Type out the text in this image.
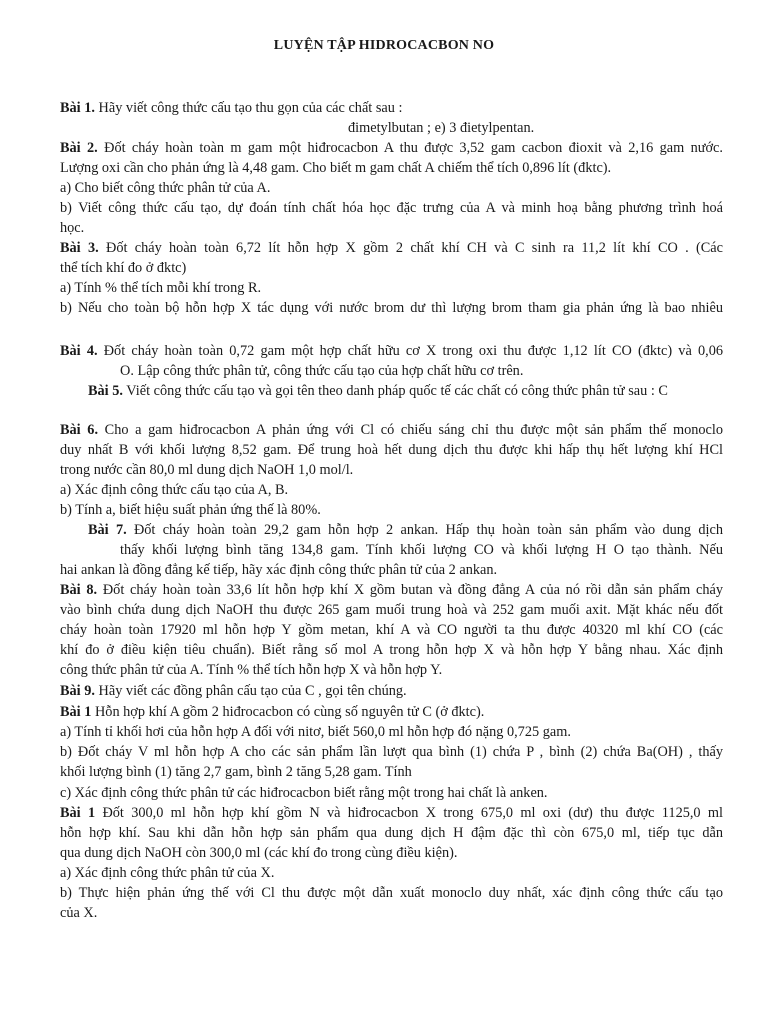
LUYỆN TẬP HIDROCACBON NO
Bài 1. Hãy viết công thức cấu tạo thu gọn của các chất sau :
đimetylbutan ; e) 3 đietylpentan.
Bài 2. Đốt cháy hoàn toàn m gam một hiđrocacbon A thu được 3,52 gam cacbon đioxit và 2,16 gam nước.
Lượng oxi cần cho phản ứng là 4,48 gam. Cho biết m gam chất A chiếm thể tích 0,896 lít (đktc).
a) Cho biết công thức phân tử của A.
b) Viết công thức cấu tạo, dự đoán tính chất hóa học đặc trưng của A và minh hoạ bằng phương trình hoá
học.
Bài 3. Đốt cháy hoàn toàn 6,72 lít hỗn hợp X gồm 2 chất khí CH và C sinh ra 11,2 lít khí CO . (Các
thể tích khí đo ở đktc)
a) Tính % thể tích mỗi khí trong R.
b) Nếu cho toàn bộ hỗn hợp X tác dụng với nước brom dư thì lượng brom tham gia phản ứng là bao nhiêu
Bài 4. Đốt cháy hoàn toàn 0,72 gam một hợp chất hữu cơ X trong oxi thu được 1,12 lít CO (đktc) và 0,06
O. Lập công thức phân tử, công thức cấu tạo của hợp chất hữu cơ trên.
Bài 5. Viết công thức cấu tạo và gọi tên theo danh pháp quốc tế các chất có công thức phân tử sau : C
Bài 6. Cho a gam hiđrocacbon A phản ứng với Cl có chiếu sáng chỉ thu được một sản phẩm thế monoclo
duy nhất B với khối lượng 8,52 gam. Để trung hoà hết dung dịch thu được khi hấp thụ hết lượng khí HCl
trong nước cần 80,0 ml dung dịch NaOH 1,0 mol/l.
a) Xác định công thức cấu tạo của A, B.
b) Tính a, biết hiệu suất phản ứng thế là 80%.
Bài 7. Đốt cháy hoàn toàn 29,2 gam hỗn hợp 2 ankan. Hấp thụ hoàn toàn sản phẩm vào dung dịch
thấy khối lượng bình tăng 134,8 gam. Tính khối lượng CO và khối lượng H O tạo thành. Nếu
hai ankan là đồng đẳng kế tiếp, hãy xác định công thức phân tử của 2 ankan.
Bài 8. Đốt cháy hoàn toàn 33,6 lít hỗn hợp khí X gồm butan và đồng đẳng A của nó rồi dẫn sản phẩm cháy
vào bình chứa dung dịch NaOH thu được 265 gam muối trung hoà và 252 gam muối axit. Mặt khác nếu đốt
cháy hoàn toàn 17920 ml hỗn hợp Y gồm metan, khí A và CO người ta thu được 40320 ml khí CO (các
khí đo ở điều kiện tiêu chuẩn). Biết rằng số mol A trong hỗn hợp X và hỗn hợp Y bằng nhau. Xác định
công thức phân tử của A. Tính % thể tích hỗn hợp X và hỗn hợp Y.
Bài 9. Hãy viết các đồng phân cấu tạo của C , gọi tên chúng.
Bài 1 Hỗn hợp khí A gồm 2 hiđrocacbon có cùng số nguyên tử C (ở đktc).
a) Tính tỉ khối hơi của hỗn hợp A đối với nitơ, biết 560,0 ml hỗn hợp đó nặng 0,725 gam.
b) Đốt cháy V ml hỗn hợp A cho các sản phẩm lần lượt qua bình (1) chứa P , bình (2) chứa Ba(OH) , thấy
khối lượng bình (1) tăng 2,7 gam, bình 2 tăng 5,28 gam. Tính
c) Xác định công thức phân tử các hiđrocacbon biết rằng một trong hai chất là anken.
Bài 1 Đốt 300,0 ml hỗn hợp khí gồm N và hiđrocacbon X trong 675,0 ml oxi (dư) thu được 1125,0 ml
hỗn hợp khí. Sau khi dẫn hỗn hợp sản phẩm qua dung dịch H đậm đặc thì còn 675,0 ml, tiếp tục dẫn
qua dung dịch NaOH còn 300,0 ml (các khí đo trong cùng điều kiện).
a) Xác định công thức phân tử của X.
b) Thực hiện phản ứng thế với Cl thu được một dẫn xuất monoclo duy nhất, xác định công thức cấu tạo
của X.
